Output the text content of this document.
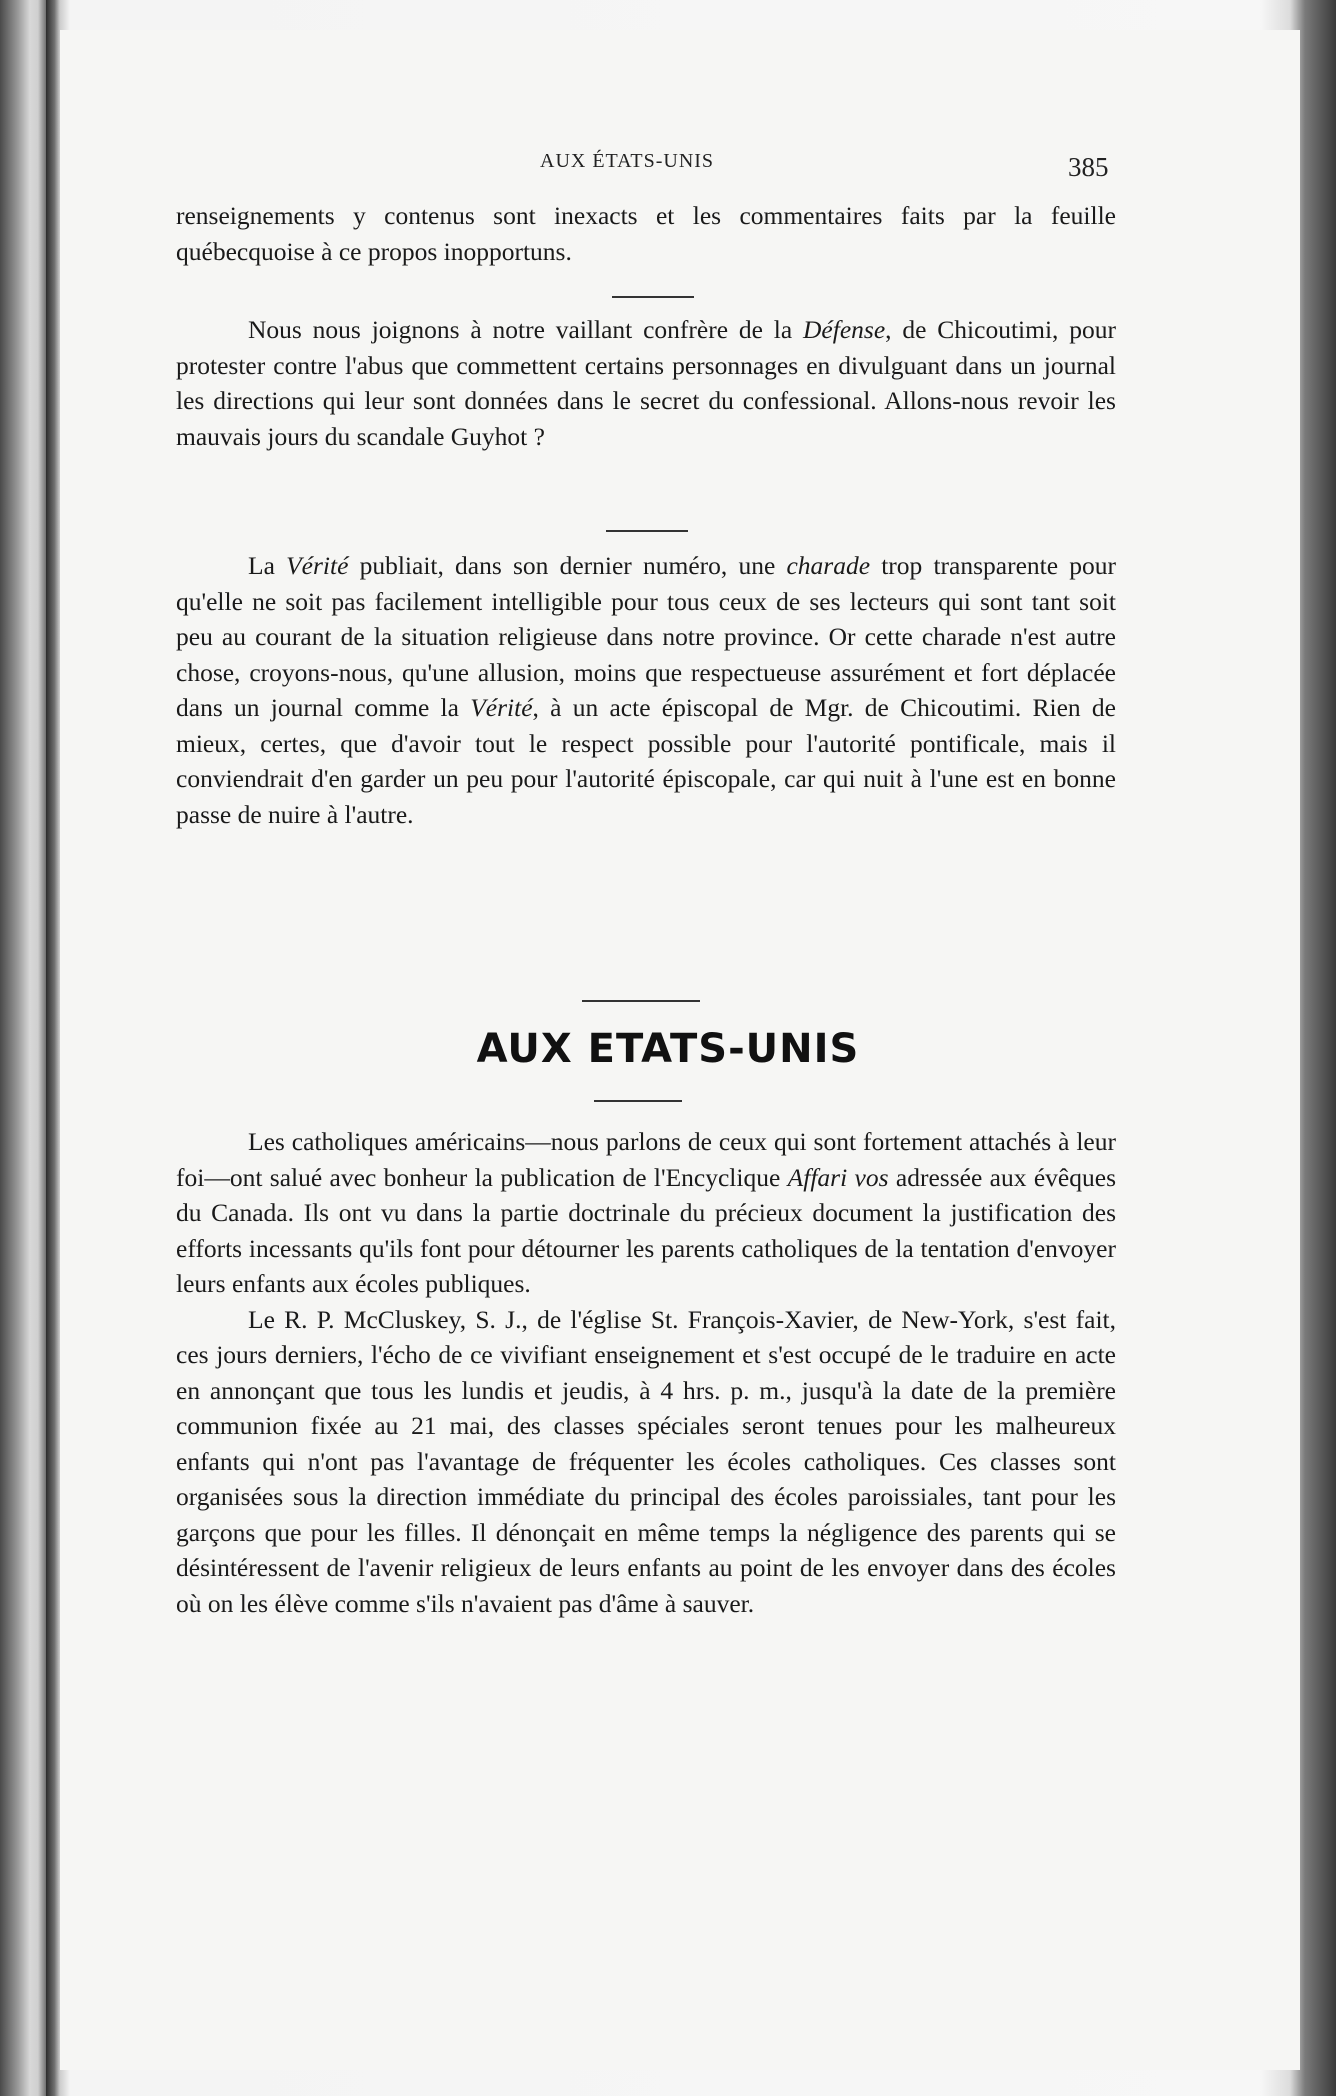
AUX ÉTATS-UNIS	385

renseignements y contenus sont inexacts et les commentaires faits par la feuille québecquoise à ce propos inopportuns.

Nous nous joignons à notre vaillant confrère de la Défense, de Chicoutimi, pour protester contre l'abus que commettent certains personnages en divulguant dans un journal les directions qui leur sont données dans le secret du confessional. Allons-nous revoir les mauvais jours du scandale Guyhot ?

La Vérité publiait, dans son dernier numéro, une charade trop transparente pour qu'elle ne soit pas facilement intelligible pour tous ceux de ses lecteurs qui sont tant soit peu au courant de la situation religieuse dans notre province. Or cette charade n'est autre chose, croyons-nous, qu'une allusion, moins que respectueuse assurément et fort déplacée dans un journal comme la Vérité, à un acte épiscopal de Mgr. de Chicoutimi. Rien de mieux, certes, que d'avoir tout le respect possible pour l'autorité pontificale, mais il conviendrait d'en garder un peu pour l'autorité épiscopale, car qui nuit à l'une est en bonne passe de nuire à l'autre.

AUX ETATS-UNIS

Les catholiques américains—nous parlons de ceux qui sont fortement attachés à leur foi—ont salué avec bonheur la publication de l'Encyclique Affari vos adressée aux évêques du Canada. Ils ont vu dans la partie doctrinale du précieux document la justification des efforts incessants qu'ils font pour détourner les parents catholiques de la tentation d'envoyer leurs enfants aux écoles publiques.

Le R. P. McCluskey, S. J., de l'église St. François-Xavier, de New-York, s'est fait, ces jours derniers, l'écho de ce vivifiant enseignement et s'est occupé de le traduire en acte en annonçant que tous les lundis et jeudis, à 4 hrs. p. m., jusqu'à la date de la première communion fixée au 21 mai, des classes spéciales seront tenues pour les malheureux enfants qui n'ont pas l'avantage de fréquenter les écoles catholiques. Ces classes sont organisées sous la direction immédiate du principal des écoles paroissiales, tant pour les garçons que pour les filles. Il dénonçait en même temps la négligence des parents qui se désintéressent de l'avenir religieux de leurs enfants au point de les envoyer dans des écoles où on les élève comme s'ils n'avaient pas d'âme à sauver.
